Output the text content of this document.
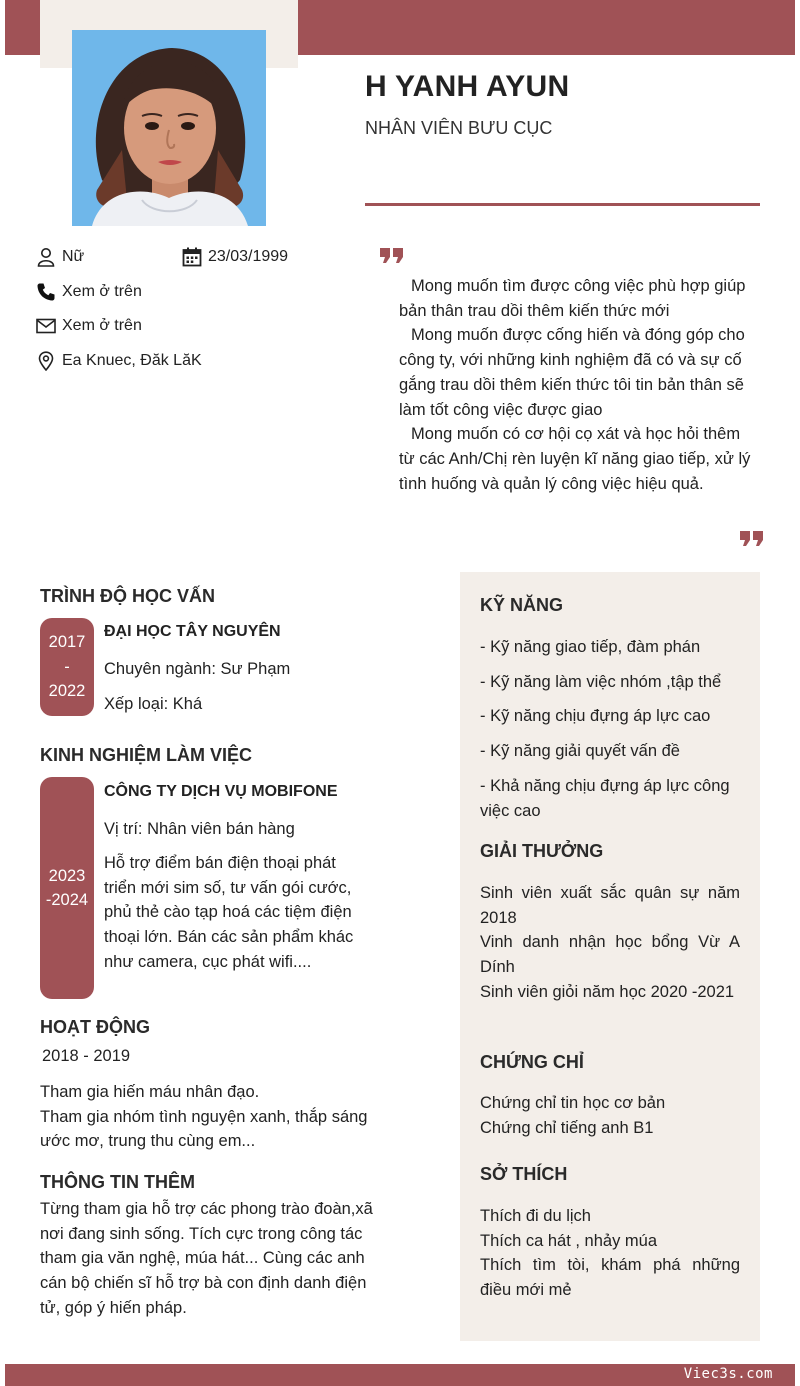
H YANH AYUN
NHÂN VIÊN BƯU CỤC
Nữ	23/03/1999
Xem ở trên
Xem ở trên
Ea Knuec, Đăk LăK

Mong muốn tìm được công việc phù hợp giúp bản thân trau dồi thêm kiến thức mới

Mong muốn được cống hiến và đóng góp cho công ty, với những kinh nghiệm đã có và sự cố gắng trau dồi thêm kiến thức tôi tin bản thân sẽ làm tốt công việc được giao

Mong muốn có cơ hội cọ xát và học hỏi thêm từ các Anh/Chị rèn luyện kĩ năng giao tiếp, xử lý tình huống và quản lý công việc hiệu quả.

TRÌNH ĐỘ HỌC VẤN
2017
-
2022
ĐẠI HỌC TÂY NGUYÊN
Chuyên ngành: Sư Phạm
Xếp loại: Khá
KINH NGHIỆM LÀM VIỆC
2023
-2024
CÔNG TY DỊCH VỤ MOBIFONE
Vị trí: Nhân viên bán hàng
Hỗ trợ điểm bán điện thoại phát triển mới sim số, tư vấn gói cước, phủ thẻ cào tạp hoá các tiệm điện thoại lớn. Bán các sản phẩm khác như camera, cục phát wifi....
HOẠT ĐỘNG
2018 - 2019
Tham gia hiến máu nhân đạo.
Tham gia nhóm tình nguyện xanh, thắp sáng ước mơ, trung thu cùng em...
THÔNG TIN THÊM
Từng tham gia hỗ trợ các phong trào đoàn,xã nơi đang sinh sống. Tích cực trong công tác tham gia văn nghệ, múa hát... Cùng các anh cán bộ chiến sĩ hỗ trợ bà con định danh điện tử, góp ý hiến pháp.
KỸ NĂNG
- Kỹ năng giao tiếp, đàm phán
- Kỹ năng làm việc nhóm ,tập thể
- Kỹ năng chịu đựng áp lực cao
- Kỹ năng giải quyết vấn đề
- Khả năng chịu đựng áp lực công việc cao
GIẢI THƯỞNG
Sinh viên xuất sắc quân sự năm 2018
Vinh danh nhận học bổng Vừ A Dính
Sinh viên giỏi năm học 2020 -2021
CHỨNG CHỈ
Chứng chỉ tin học cơ bản
Chứng chỉ tiếng anh B1
SỞ THÍCH
Thích đi du lịch
Thích ca hát , nhảy múa
Thích tìm tòi, khám phá những điều mới mẻ
Viec3s.com
